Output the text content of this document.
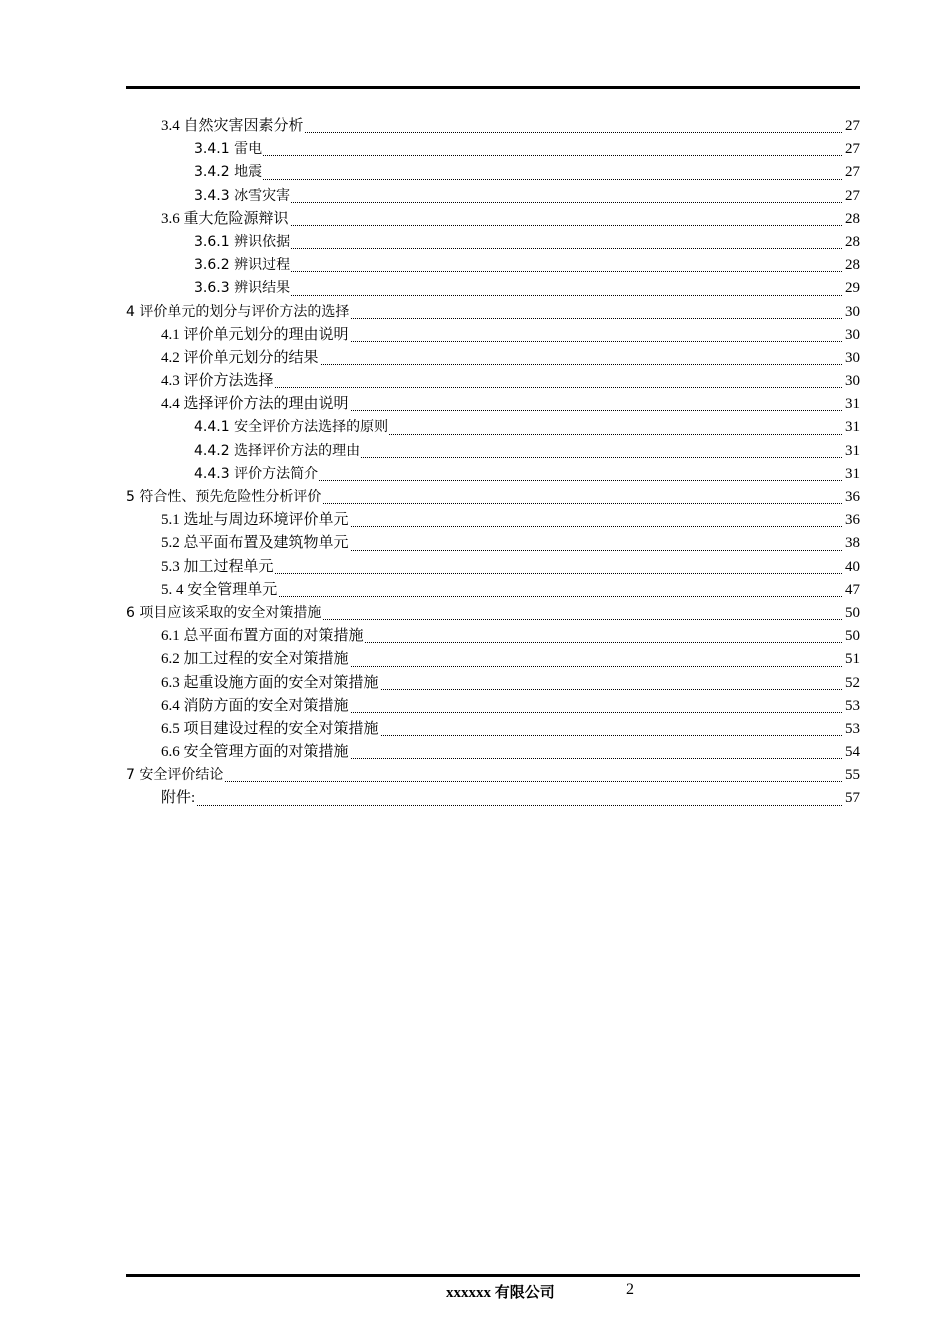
3.4 自然灾害因素分析	27
3.4.1 雷电	27
3.4.2 地震	27
3.4.3 冰雪灾害	27
3.6 重大危险源辩识	28
3.6.1 辨识依据	28
3.6.2 辨识过程	28
3.6.3 辨识结果	29
4 评价单元的划分与评价方法的选择	30
4.1 评价单元划分的理由说明	30
4.2 评价单元划分的结果	30
4.3 评价方法选择	30
4.4 选择评价方法的理由说明	31
4.4.1 安全评价方法选择的原则	31
4.4.2 选择评价方法的理由	31
4.4.3 评价方法简介	31
5 符合性、预先危险性分析评价	36
5.1 选址与周边环境评价单元	36
5.2 总平面布置及建筑物单元	38
5.3 加工过程单元	40
5. 4 安全管理单元	47
6 项目应该采取的安全对策措施	50
6.1 总平面布置方面的对策措施	50
6.2 加工过程的安全对策措施	51
6.3 起重设施方面的安全对策措施	52
6.4 消防方面的安全对策措施	53
6.5 项目建设过程的安全对策措施	53
6.6 安全管理方面的对策措施	54
7 安全评价结论	55
附件:	57
xxxxxx 有限公司	2
